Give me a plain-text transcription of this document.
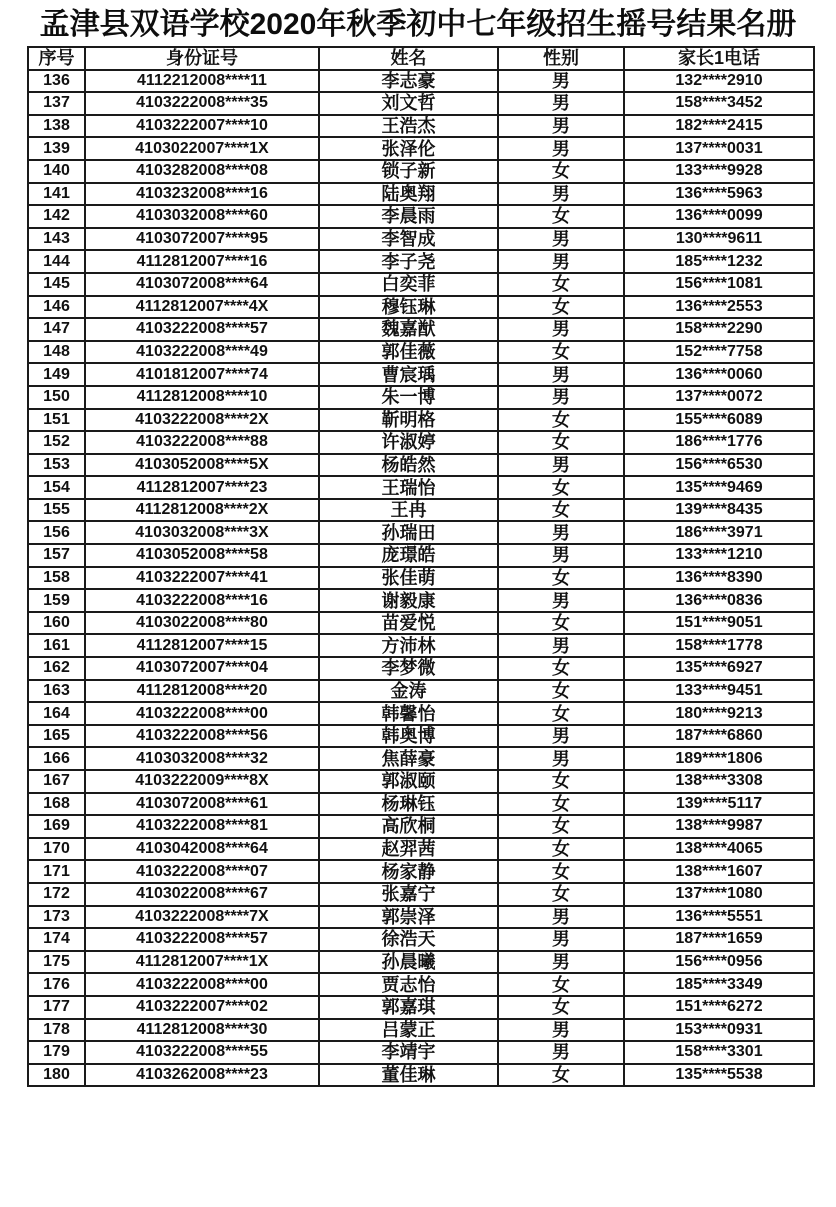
孟津县双语学校2020年秋季初中七年级招生摇号结果名册
序号	身份证号	姓名	性别	家长1电话
136	4112212008****11	李志豪	男	132****2910
137	4103222008****35	刘文哲	男	158****3452
138	4103222007****10	王浩杰	男	182****2415
139	4103022007****1X	张泽伦	男	137****0031
140	4103282008****08	锁子新	女	133****9928
141	4103232008****16	陆奥翔	男	136****5963
142	4103032008****60	李晨雨	女	136****0099
143	4103072007****95	李智成	男	130****9611
144	4112812007****16	李子尧	男	185****1232
145	4103072008****64	白奕菲	女	156****1081
146	4112812007****4X	穆钰琳	女	136****2553
147	4103222008****57	魏嘉猷	男	158****2290
148	4103222008****49	郭佳薇	女	152****7758
149	4101812007****74	曹宸瑀	男	136****0060
150	4112812008****10	朱一博	男	137****0072
151	4103222008****2X	靳明格	女	155****6089
152	4103222008****88	许淑婷	女	186****1776
153	4103052008****5X	杨皓然	男	156****6530
154	4112812007****23	王瑞怡	女	135****9469
155	4112812008****2X	王冉	女	139****8435
156	4103032008****3X	孙瑞田	男	186****3971
157	4103052008****58	庞璟皓	男	133****1210
158	4103222007****41	张佳萌	女	136****8390
159	4103222008****16	谢毅康	男	136****0836
160	4103022008****80	苗爱悦	女	151****9051
161	4112812007****15	方沛林	男	158****1778
162	4103072007****04	李梦微	女	135****6927
163	4112812008****20	金涛	女	133****9451
164	4103222008****00	韩馨怡	女	180****9213
165	4103222008****56	韩奥博	男	187****6860
166	4103032008****32	焦薛豪	男	189****1806
167	4103222009****8X	郭淑颐	女	138****3308
168	4103072008****61	杨琳钰	女	139****5117
169	4103222008****81	高欣桐	女	138****9987
170	4103042008****64	赵羿茜	女	138****4065
171	4103222008****07	杨家静	女	138****1607
172	4103022008****67	张嘉宁	女	137****1080
173	4103222008****7X	郭崇泽	男	136****5551
174	4103222008****57	徐浩天	男	187****1659
175	4112812007****1X	孙晨曦	男	156****0956
176	4103222008****00	贾志怡	女	185****3349
177	4103222007****02	郭嘉琪	女	151****6272
178	4112812008****30	吕蒙正	男	153****0931
179	4103222008****55	李靖宇	男	158****3301
180	4103262008****23	董佳琳	女	135****5538
